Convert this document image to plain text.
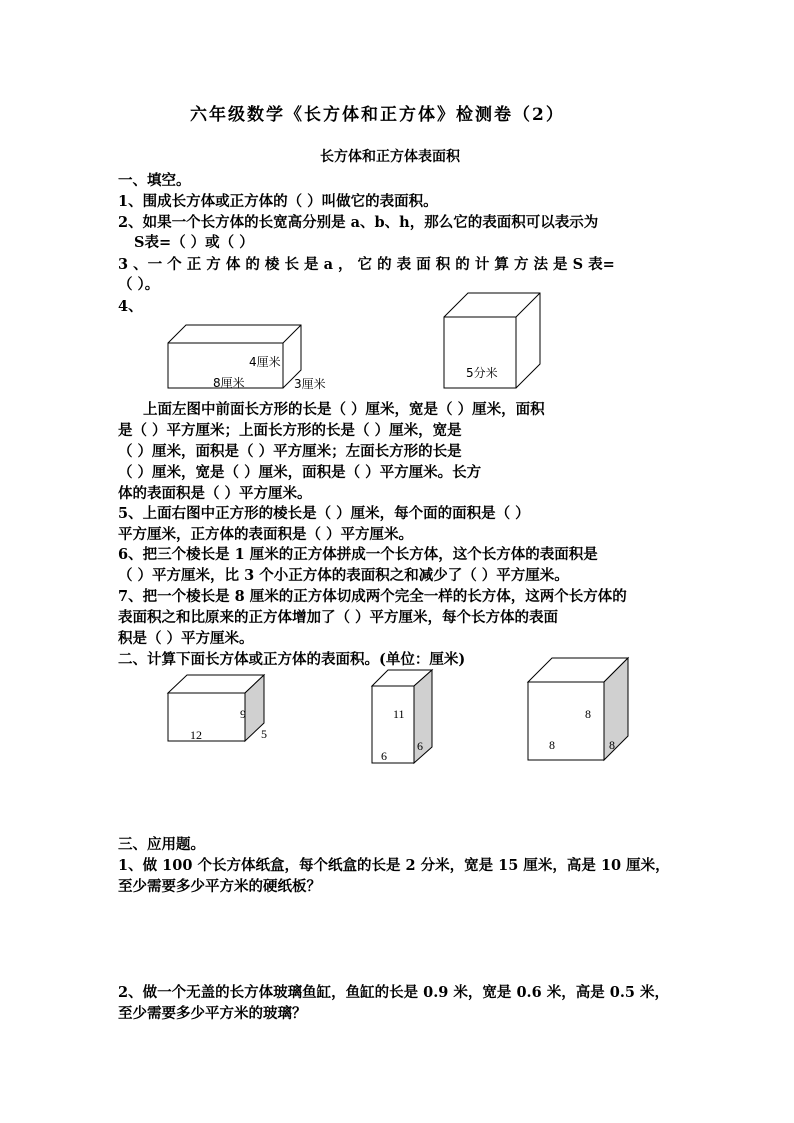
六年级数学《长方体和正方体》检测卷（2）
长方体和正方体表面积
一、填空。
1、围成长方体或正方体的（ ）叫做它的表面积。
2、如果一个长方体的长宽高分别是 a、b、h，那么它的表面积可以表示为
S表=（ ）或（ ）
3 、一 个 正 方 体 的 棱 长 是 a ， 它 的 表 面 积 的 计 算 方 法 是 S 表=
（ ）。
4、
4厘米
8厘米	3厘米
5分米
上面左图中前面长方形的长是（ ）厘米，宽是（ ）厘米，面积
是（ ）平方厘米；上面长方形的长是（ ）厘米，宽是
（ ）厘米，面积是（ ）平方厘米；左面长方形的长是
（ ）厘米，宽是（ ）厘米，面积是（ ）平方厘米。长方
体的表面积是（ ）平方厘米。
5、上面右图中正方形的棱长是（ ）厘米，每个面的面积是（ ）
平方厘米，正方体的表面积是（ ）平方厘米。
6、把三个棱长是 1 厘米的正方体拼成一个长方体，这个长方体的表面积是
（ ）平方厘米，比 3 个小正方体的表面积之和减少了（ ）平方厘米。
7、把一个棱长是 8 厘米的正方体切成两个完全一样的长方体，这两个长方体的
表面积之和比原来的正方体增加了（ ）平方厘米，每个长方体的表面
积是（ ）平方厘米。
二、计算下面长方体或正方体的表面积。(单位：厘米)
12
9
5
11
6
6
8
8	8
三、应用题。
1、做 100 个长方体纸盒，每个纸盒的长是 2 分米，宽是 15 厘米，高是 10 厘米，
至少需要多少平方米的硬纸板？
2、做一个无盖的长方体玻璃鱼缸，鱼缸的长是 0.9 米，宽是 0.6 米，高是 0.5 米，
至少需要多少平方米的玻璃？
